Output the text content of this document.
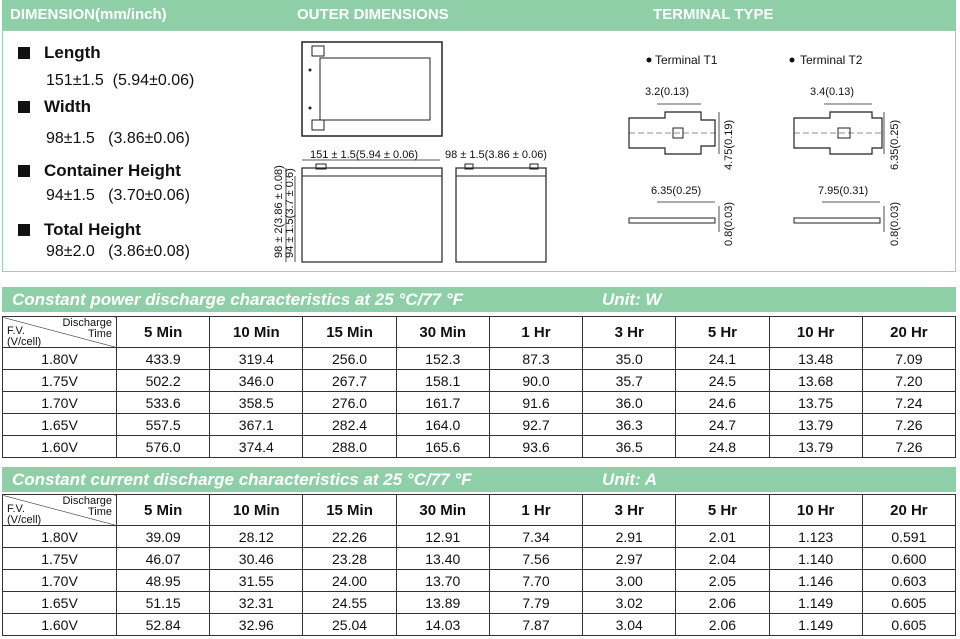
DIMENSION(mm/inch)	OUTER DIMENSIONS	TERMINAL TYPE
Length
151±1.5 (5.94±0.06)
Width
98±1.5 (3.86±0.06)
Container Height
94±1.5 (3.70±0.06)
Total Height
98±2.0 (3.86±0.08)
151 ± 1.5(5.94 ± 0.06) 98 ± 1.5(3.86 ± 0.06)
98 ± 2(3.86 ± 0.08) 94 ± 1.5(3.7 ± 0.6)
Terminal T1
3.2(0.13)
4.75(0.19)
6.35(0.25)
0.8(0.03)
Terminal T2
3.4(0.13)
6.35(0.25)
7.95(0.31)
0.8(0.03)
Constant power discharge characteristics at 25 °C/77 °F	Unit: W
Discharge
Time
F.V.
(V/cell)	5 Min	10 Min	15 Min	30 Min	1 Hr	3 Hr	5 Hr	10 Hr	20 Hr
1.80V	433.9	319.4	256.0	152.3	87.3	35.0	24.1	13.48	7.09
1.75V	502.2	346.0	267.7	158.1	90.0	35.7	24.5	13.68	7.20
1.70V	533.6	358.5	276.0	161.7	91.6	36.0	24.6	13.75	7.24
1.65V	557.5	367.1	282.4	164.0	92.7	36.3	24.7	13.79	7.26
1.60V	576.0	374.4	288.0	165.6	93.6	36.5	24.8	13.79	7.26
Constant current discharge characteristics at 25 °C/77 °F	Unit: A
Discharge
Time
F.V.
(V/cell)	5 Min	10 Min	15 Min	30 Min	1 Hr	3 Hr	5 Hr	10 Hr	20 Hr
1.80V	39.09	28.12	22.26	12.91	7.34	2.91	2.01	1.123	0.591
1.75V	46.07	30.46	23.28	13.40	7.56	2.97	2.04	1.140	0.600
1.70V	48.95	31.55	24.00	13.70	7.70	3.00	2.05	1.146	0.603
1.65V	51.15	32.31	24.55	13.89	7.79	3.02	2.06	1.149	0.605
1.60V	52.84	32.96	25.04	14.03	7.87	3.04	2.06	1.149	0.605
